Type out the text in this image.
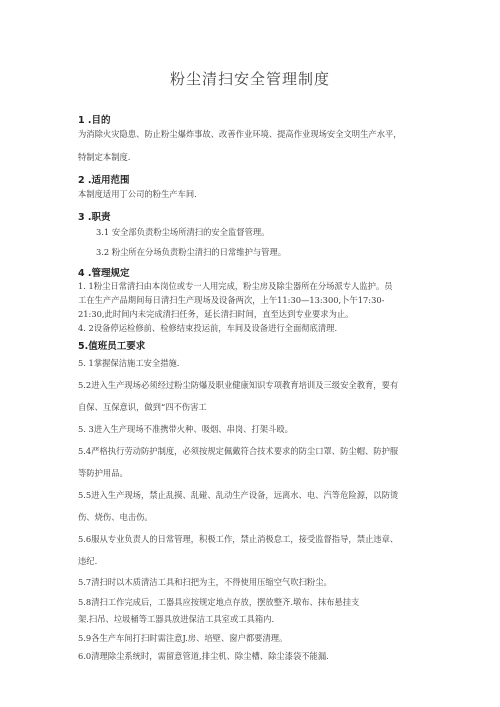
粉尘清扫安全管理制度
1 .目的
为消除火灾隐患、防止粉尘爆炸事故、改善作业环境、提高作业现场安全文明生产水平，
特制定本制度.
2 .适用范围
本制度适用丁公司的粉生产车间.
3 .职责
3.1 安全部负责粉尘场所清扫的安全监督管理。
3.2 粉尘所在分场负责粉尘清扫的日常维护与管理。
4 .管理规定
1. 1粉尘日常清扫由本岗位或专一人用完成，粉尘房及除尘器所在分场派专人监护。员
工在生产产品期间每日清扫生产现场及设备两次，上午11:30—13:300,卜午17:30-
21:30,此时间内未完成清扫任务，延长清扫时间，直至达到专业要求为止。
4. 2设备停运检修前、检修结束投运前，车间及设备进行全面彻底清理.
5.值班员工要求
5. 1掌握保洁施工安全措施.
5.2进入生产现场必须经过粉尘防爆及职业健康知识专项教育培训及三级安全教育，要有
自保、互保意识，做到“四不伤害工
5. 3进入生产现场不准携带火种、吸烟、串岗、打架斗殴。
5.4严格执行劳动防护制度，必须按规定佩戴符合技术要求的防尘口罩、防尘帽、防护服
等防护用品。
5.5进入生产现场，禁止乱摸、乱碰、乱动生产设备，远离水、电、汽等危险源，以防烫
伤、烧伤、电击伤。
5.6服从专业负责人的日常管理，积极工作，禁止消极怠工，接受监督指导，禁止违章、
违纪.
5.7清扫时以木质清洁工具和扫把为主，不得使用压缩空气吹扫粉尘。
5.8清扫工作完成后，工器具应按规定地点存放，摆放整齐.墩布、抹布悬挂支
架.扫吊、垃圾桶等工器具放进保洁工具室或工具箱内.
5.9各生产车间打扫时需注意J.房、培壁、窗户都要清理。
6.0清理除尘系统时，需留意管道,排尘机、除尘槽、除尘漆袋不能漏.
